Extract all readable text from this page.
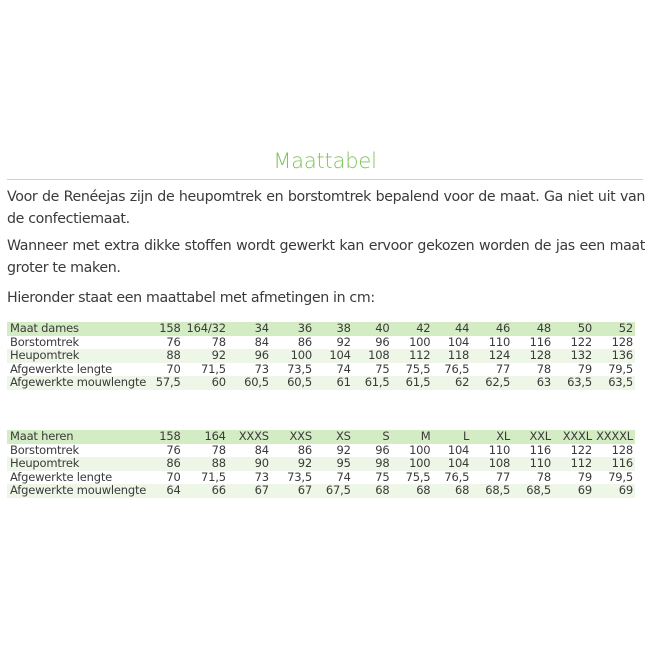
Maattabel

Voor de Renéejas zijn de heupomtrek en borstomtrek bepalend voor de maat. Ga niet uit van de confectiemaat.

Wanneer met extra dikke stoffen wordt gewerkt kan ervoor gekozen worden de jas een maat groter te maken.

Hieronder staat een maattabel met afmetingen in cm:

Maat dames	158	164/32	34	36	38	40	42	44	46	48	50	52
Borstomtrek	76	78	84	86	92	96	100	104	110	116	122	128
Heupomtrek	88	92	96	100	104	108	112	118	124	128	132	136
Afgewerkte lengte	70	71,5	73	73,5	74	75	75,5	76,5	77	78	79	79,5
Afgewerkte mouwlengte	57,5	60	60,5	60,5	61	61,5	61,5	62	62,5	63	63,5	63,5
Maat heren	158	164	XXXS	XXS	XS	S	M	L	XL	XXL	XXXL	XXXXL
Borstomtrek	76	78	84	86	92	96	100	104	110	116	122	128
Heupomtrek	86	88	90	92	95	98	100	104	108	110	112	116
Afgewerkte lengte	70	71,5	73	73,5	74	75	75,5	76,5	77	78	79	79,5
Afgewerkte mouwlengte	64	66	67	67	67,5	68	68	68	68,5	68,5	69	69
